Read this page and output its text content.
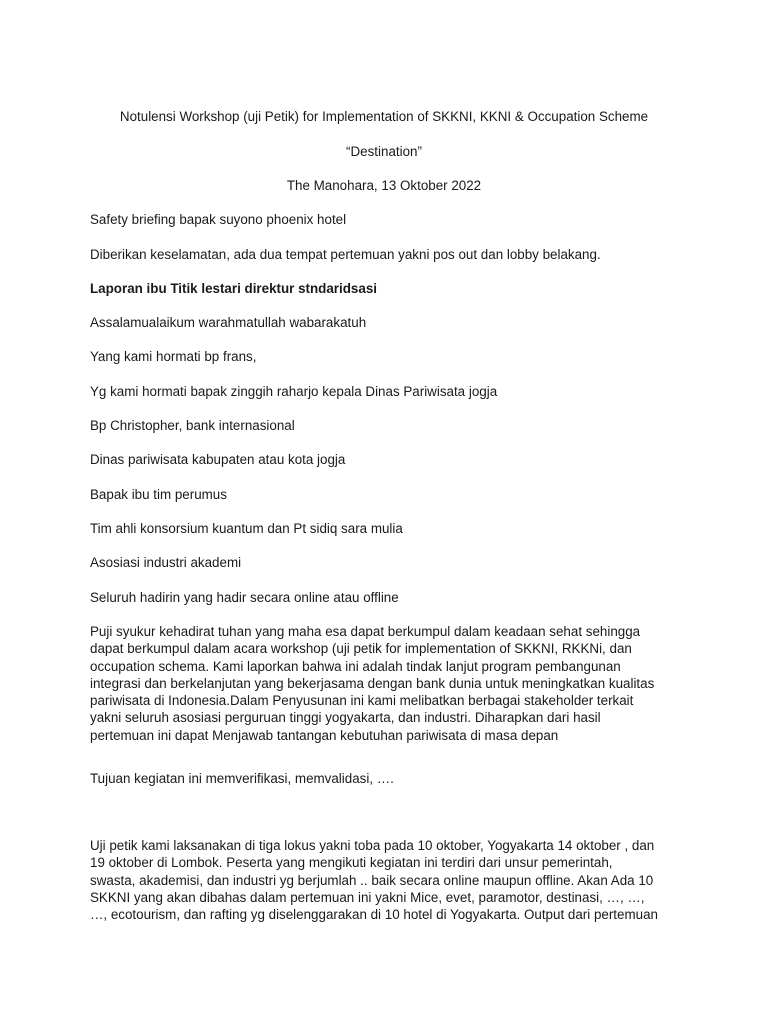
Notulensi Workshop (uji Petik) for Implementation of SKKNI, KKNI & Occupation Scheme

“Destination”

The Manohara, 13 Oktober 2022

Safety briefing bapak suyono phoenix hotel

Diberikan keselamatan, ada dua tempat pertemuan yakni pos out dan lobby belakang.

Laporan ibu Titik lestari direktur stndaridsasi

Assalamualaikum warahmatullah wabarakatuh

Yang kami hormati bp frans,

Yg kami hormati bapak zinggih raharjo kepala Dinas Pariwisata jogja

Bp Christopher, bank internasional

Dinas pariwisata kabupaten atau kota jogja

Bapak ibu tim perumus

Tim ahli konsorsium kuantum dan Pt sidiq sara mulia

Asosiasi industri akademi

Seluruh hadirin yang hadir secara online atau offline

Puji syukur kehadirat tuhan yang maha esa dapat berkumpul dalam keadaan sehat sehingga
dapat berkumpul dalam acara workshop (uji petik for implementation of SKKNI, RKKNi, dan
occupation schema. Kami laporkan bahwa ini adalah tindak lanjut program pembangunan
integrasi dan berkelanjutan yang bekerjasama dengan bank dunia untuk meningkatkan kualitas
pariwisata di Indonesia.Dalam Penyusunan ini kami melibatkan berbagai stakeholder terkait
yakni seluruh asosiasi perguruan tinggi yogyakarta, dan industri. Diharapkan dari hasil
pertemuan ini dapat Menjawab tantangan kebutuhan pariwisata di masa depan

Tujuan kegiatan ini memverifikasi, memvalidasi, ….

Uji petik kami laksanakan di tiga lokus yakni toba pada 10 oktober, Yogyakarta 14 oktober , dan
19 oktober di Lombok. Peserta yang mengikuti kegiatan ini terdiri dari unsur pemerintah,
swasta, akademisi, dan industri yg berjumlah .. baik secara online maupun offline. Akan Ada 10
SKKNI yang akan dibahas dalam pertemuan ini yakni Mice, evet, paramotor, destinasi, …, …,
…, ecotourism, dan rafting yg diselenggarakan di 10 hotel di Yogyakarta. Output dari pertemuan
